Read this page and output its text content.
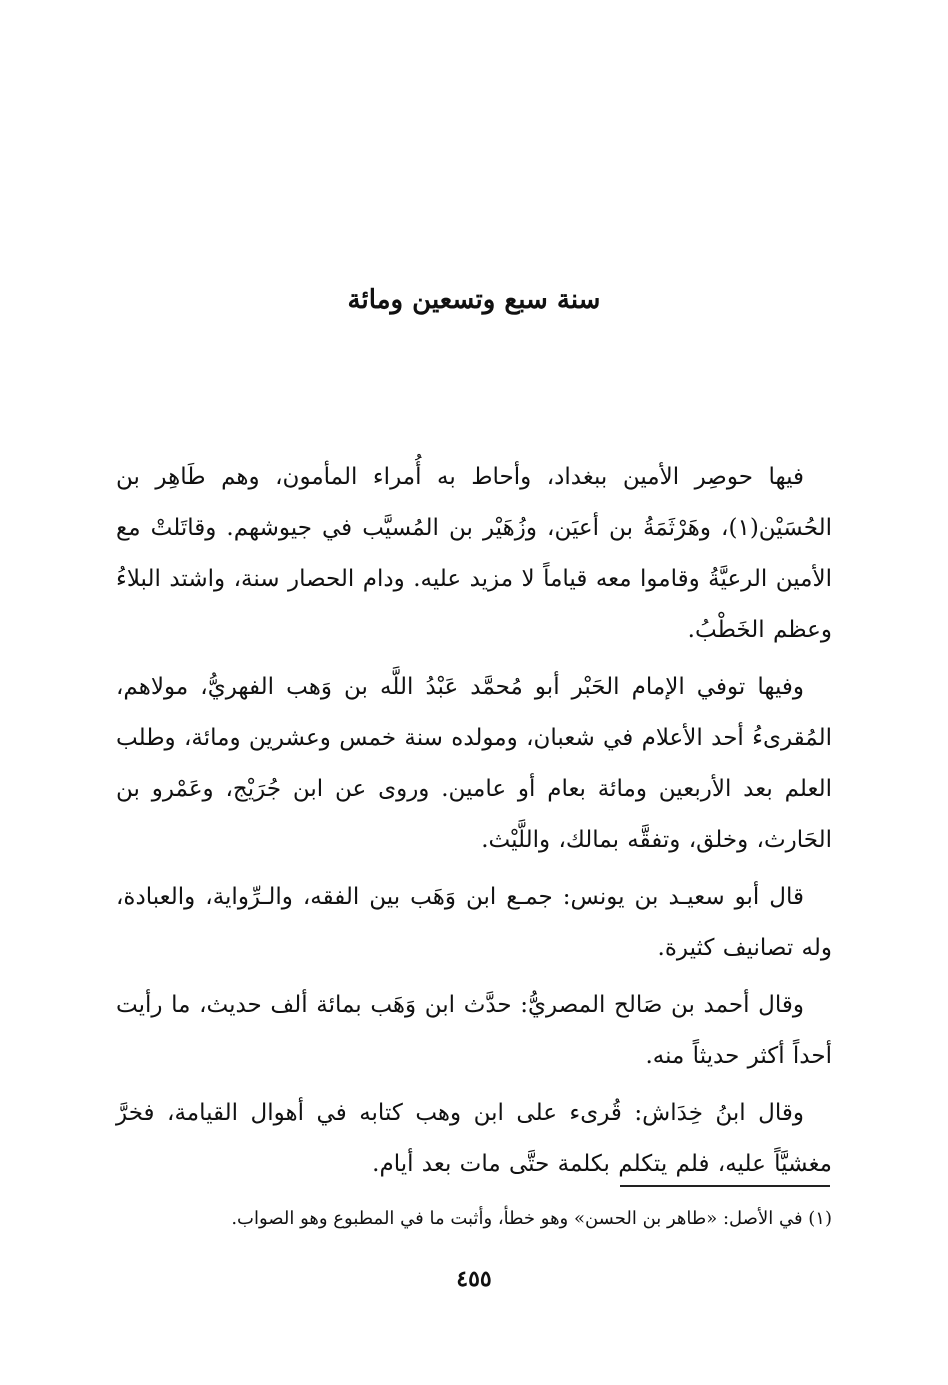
سنة سبع وتسعين ومائة

فيها حوصِر الأمين ببغداد، وأحاط به أُمراء المأمون، وهم طَاهِر بن الحُسَيْن(١)، وهَرْثَمَةُ بن أعيَن، وزُهَيْر بن المُسيَّب في جيوشهم. وقاتَلتْ مع الأمين الرعيَّةُ وقاموا معه قياماً لا مزيد عليه. ودام الحصار سنة، واشتد البلاءُ وعظم الخَطْبُ.

وفيها توفي الإمام الحَبْر أبو مُحمَّد عَبْدُ اللَّه بن وَهب الفهريُّ، مولاهم، المُقرىءُ أحد الأعلام في شعبان، ومولده سنة خمس وعشرين ومائة، وطلب العلم بعد الأربعين ومائة بعام أو عامين. وروى عن ابن جُرَيْج، وعَمْرو بن الحَارث، وخلق، وتفقَّه بمالك، واللَّيْث.

قال أبو سعيـد بن يونس: جمـع ابن وَهَب بين الفقه، والـرِّواية، والعبادة، وله تصانيف كثيرة.

وقال أحمد بن صَالح المصريُّ: حدَّث ابن وَهَب بمائة ألف حديث، ما رأيت أحداً أكثر حديثاً منه.

وقال ابنُ خِدَاش: قُرىء على ابن وهب كتابه في أهوال القيامة، فخرَّ مغشيَّاً عليه، فلم يتكلم بكلمة حتَّى مات بعد أيام.

(١) في الأصل: «طاهر بن الحسن» وهو خطأ، وأثبت ما في المطبوع وهو الصواب.

٤٥٥
